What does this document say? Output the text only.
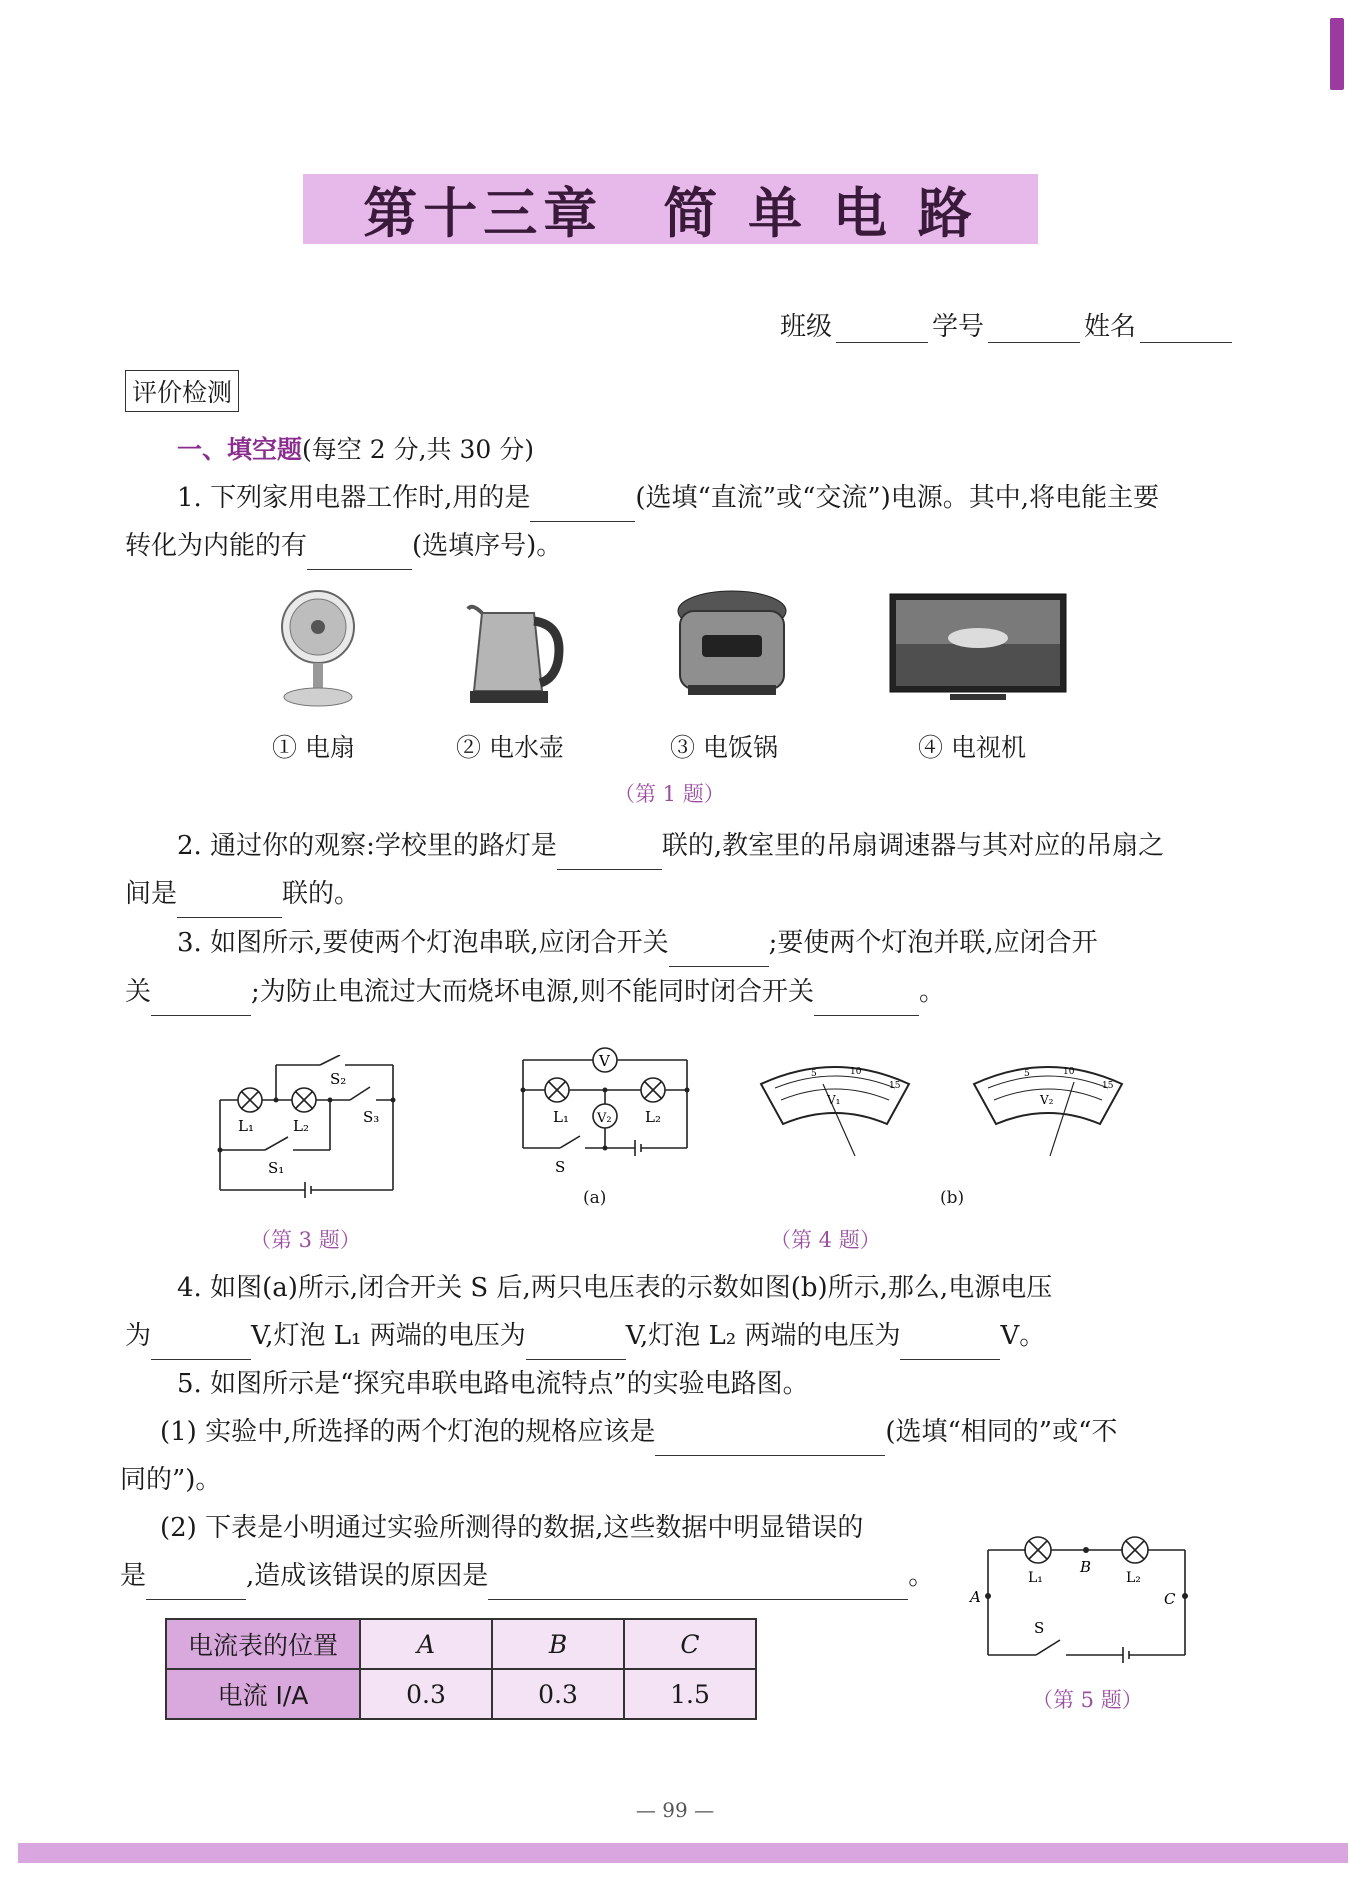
第十三章　简 单 电 路
班级	学号	姓名
评价检测
一、填空题(每空 2 分,共 30 分)
1. 下列家用电器工作时,用的是	(选填“直流”或“交流”)电源。其中,将电能主要
转化为内能的有	(选填序号)。
① 电扇	② 电水壶	③ 电饭锅	④ 电视机
（第 1 题）
2. 通过你的观察:学校里的路灯是	联的,教室里的吊扇调速器与其对应的吊扇之
间是	联的。
3. 如图所示,要使两个灯泡串联,应闭合开关	;要使两个灯泡并联,应闭合开
关	;为防止电流过大而烧坏电源,则不能同时闭合开关	。
L₁	L₂
S₂
S₃
S₁
（第 3 题）
V
V₂
L₁	L₂
S
(a)
5	10
15
V₁
5	10
15
V₂
(b)
（第 4 题）
4. 如图(a)所示,闭合开关 S 后,两只电压表的示数如图(b)所示,那么,电源电压
为	V,灯泡 L₁ 两端的电压为	V,灯泡 L₂ 两端的电压为	V。
5. 如图所示是“探究串联电路电流特点”的实验电路图。
(1) 实验中,所选择的两个灯泡的规格应该是	(选填“相同的”或“不
同的”)。
(2) 下表是小明通过实验所测得的数据,这些数据中明显错误的
是	,造成该错误的原因是	。	B
A	C
L₁	L₂
S
（第 5 题）
电流表的位置	A	B	C
电流 I/A	0.3	0.3	1.5
— 99 —
